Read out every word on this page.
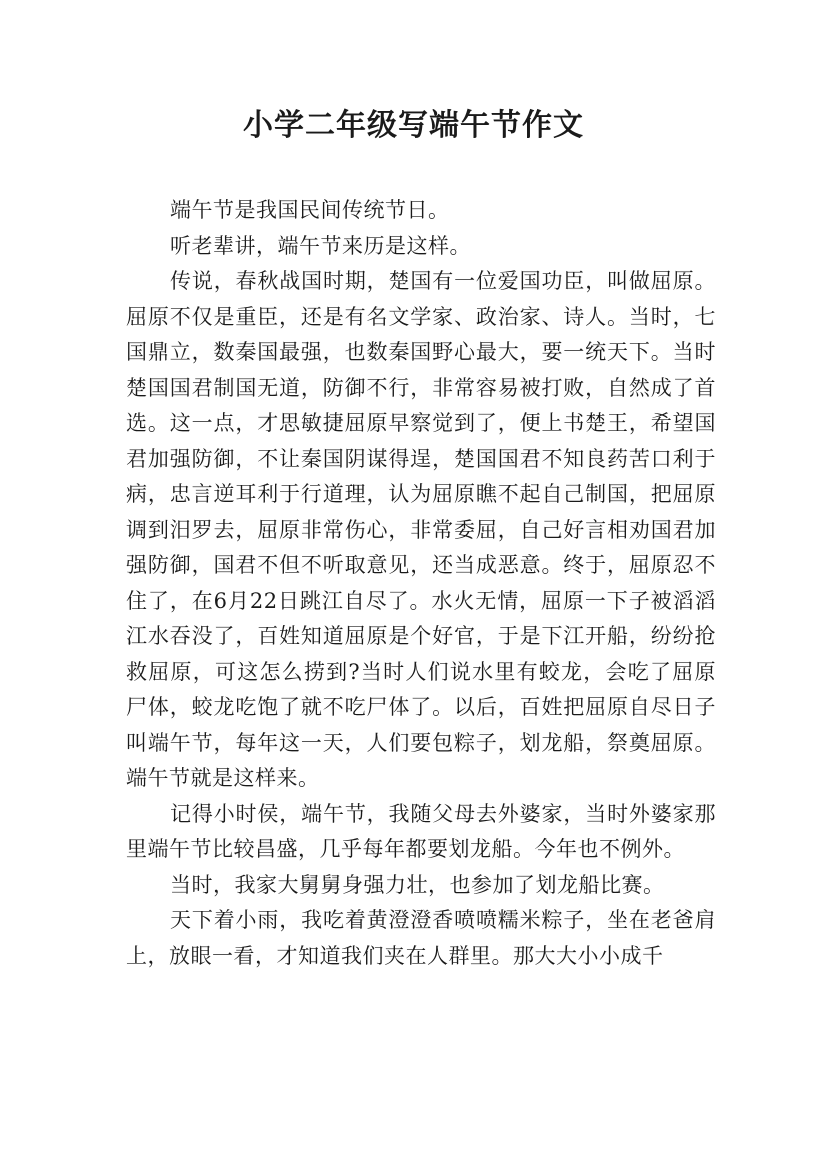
小学二年级写端午节作文

端午节是我国民间传统节日。

听老辈讲，端午节来历是这样。

传说，春秋战国时期，楚国有一位爱国功臣，叫做屈原。屈原不仅是重臣，还是有名文学家、政治家、诗人。当时，七国鼎立，数秦国最强，也数秦国野心最大，要一统天下。当时楚国国君制国无道，防御不行，非常容易被打败，自然成了首选。这一点，才思敏捷屈原早察觉到了，便上书楚王，希望国君加强防御，不让秦国阴谋得逞，楚国国君不知良药苦口利于病，忠言逆耳利于行道理，认为屈原瞧不起自己制国，把屈原调到汨罗去，屈原非常伤心，非常委屈，自己好言相劝国君加强防御，国君不但不听取意见，还当成恶意。终于，屈原忍不住了，在6月22日跳江自尽了。水火无情，屈原一下子被滔滔江水吞没了，百姓知道屈原是个好官，于是下江开船，纷纷抢救屈原，可这怎么捞到?当时人们说水里有蛟龙，会吃了屈原尸体，蛟龙吃饱了就不吃尸体了。以后，百姓把屈原自尽日子叫端午节，每年这一天，人们要包粽子，划龙船，祭奠屈原。端午节就是这样来。

记得小时侯，端午节，我随父母去外婆家，当时外婆家那里端午节比较昌盛，几乎每年都要划龙船。今年也不例外。

当时，我家大舅舅身强力壮，也参加了划龙船比赛。

天下着小雨，我吃着黄澄澄香喷喷糯米粽子，坐在老爸肩上，放眼一看，才知道我们夹在人群里。那大大小小成千
